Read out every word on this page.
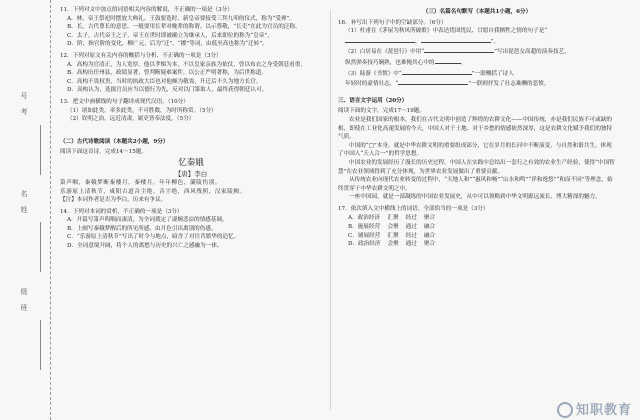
号
考
名
姓
级
班

11．下列对文中加点的词语相关内容的解说，不正确的一项是（3分）

A．林，帝王祭祀时摆放大典礼。王鼓要选时，新皇帝要接受三拜九叩的仪式，称为“受禅”。

B．长，古代尊长的意思。一般要用长辈对晚辈的称谓。以示尊敬，“长吏”在此为官员的泛称。

C．太子，古代帝王之子，帝王在世时即被确立为继承人，后来即位的称为“皇帝”。

D．阶，指官阶的变化，柳广元，后为“迁”、“擢”等词，由低至高也称为“迁转”。

12．下列对原文有关内容的概括与分析，不正确的一项是（3分）

A．高构为官清正，为人宽厚，他以孝悌为本，不以皇家亲族为依仗，曾以布衣之身受朝廷看重。

B．高构历任州县，政绩显著，曾判断疑难案件，以公正严明著称，为后世称道。

C．高构不畏权贵，当时的执政大臣也对他颇为敬畏，升迁后不久为地方长官。

D．高构认为，选拔官员应当以德行为先，反对以门第取人，最终获得朝廷认可。

13．把文中画横线的句子翻译成现代汉语。（10分）

（1）诸如此类，率多此类，不可胜数，为时所称赏。（5分）

（2）钦明之治，远近清肃，属吏皆奉法度。（5分）

（二）古代诗歌阅读（本题共2小题，9分）

阅读下面这首诗，完成14～15题。

忆秦娥
【唐】李白

箫声咽，秦娥梦断秦楼月。秦楼月，年年柳色，灞陵伤别。

乐游原上清秋节，咸阳古道音尘绝。音尘绝，西风残照，汉家陵阙。

【注】本词作者是否为李白，历来有争议。

14．下列对本词的赏析，不正确的一项是（3分）

A．开篇写箫声呜咽而凄清，为全词奠定了凄婉悲凉的情感基调。

B．上阕写秦娥梦醒后的所见所感，由月色引出离别的伤感。

C．“乐游原上清秋节”写出了时令与地点，暗含了对往昔繁华的追忆。

D．全词意境开阔，将个人的离愁与历史的兴亡之感融为一体。

（三）名篇名句默写（本题共1小题，6分）

16．补写出下列句子中的空缺部分。（6分）

（1）杜甫在《茅屋为秋风所破歌》中表达忧国忧民、甘愿自我牺牲之情的句子是“，	”。

（2）白居易在《琵琶行》中用“	”写出琵琶女高超的演奏技艺，
纵然弹奏技巧娴熟，也难掩其心中的	。

（3）陆游《书愤》中“	”一联概括了诗人
年轻时的豪情壮志，“	”一联则抒发了壮志难酬的悲愤。

三、语言文字运用（20分）

阅读下面的文字，完成17～19题。

农业是我们国家的根本，我们在古代文明中创造了辉煌的农耕文化——中国传统，亦是我们民族不可或缺的根，即使在工业化高速发展的今天，中国人对于土地、对于乡愁的情感依然深厚，这是农耕文化赋予我们的独特气质。

中国的“□”本身，就是中华农耕文明的重要组成部分，它在岁月的长河中不断演变，与自然和谐共生，体现了中国人“天人合一”的哲学思想。

中国农业的发展经历了漫长的历史过程，中国人在实践中总结出一套行之有效的农业生产经验，使得“中国智慧”在农业领域得到了充分体现，为世界农业发展做出了重要贡献。

从传统农业向现代农业转变的过程中，“天地人和”“惠风和畅”“山水和鸣”“祥和逸悠”“和而不同”等理念，始终贯穿于中华农耕文明之中。

一座中国园，就是一部凝练的中国农业发展史，从中可以领略到中华文明源远流长、博大精深的魅力。

17．依次填入文中横线上的词语，全部恰当的一项是（3分）

A．政治经济	汇聚	经过	聚合
B．施展经营	会聚	通过	融合
C．铺展经营	汇聚	经过	融合
D．政治经济	会聚	通过	聚合
知职教育
